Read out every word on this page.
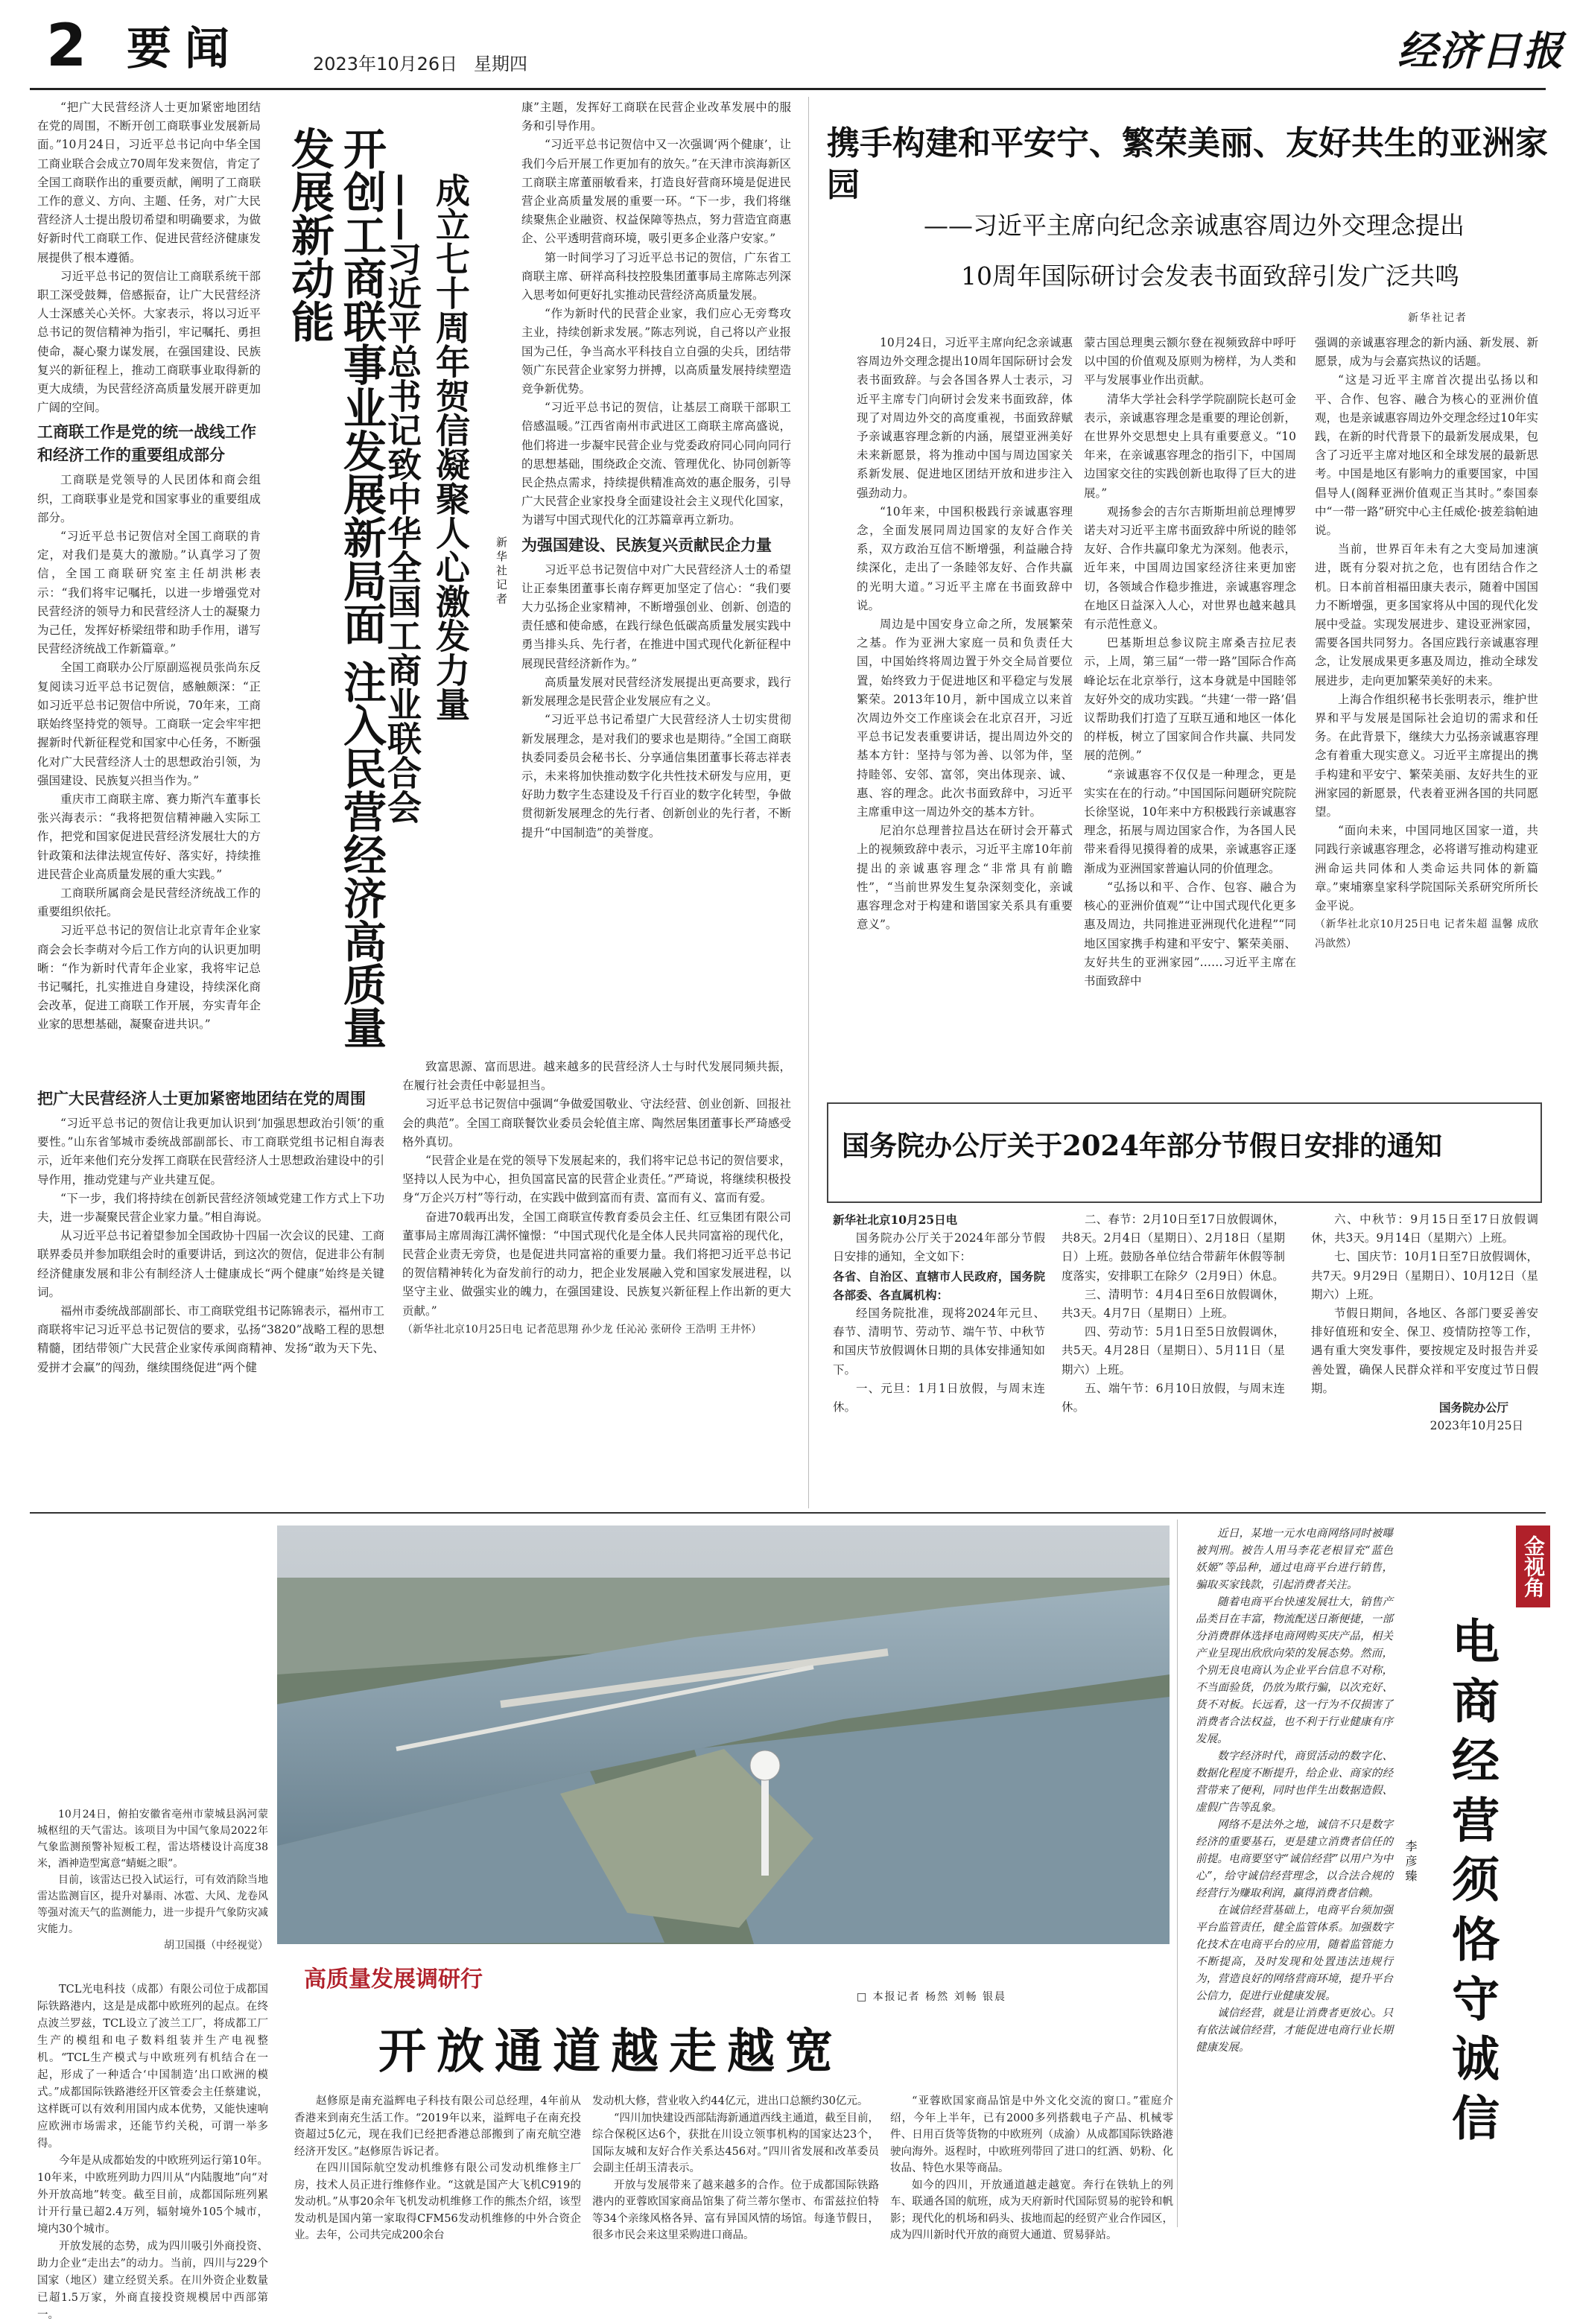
2 要闻	2023年10月26日 星期四	经济日报

“把广大民营经济人士更加紧密地团结在党的周围，不断开创工商联事业发展新局面。”10月24日，习近平总书记向中华全国工商业联合会成立70周年发来贺信，肯定了全国工商联作出的重要贡献，阐明了工商联工作的意义、方向、主题、任务，对广大民营经济人士提出殷切希望和明确要求，为做好新时代工商联工作、促进民营经济健康发展提供了根本遵循。

习近平总书记的贺信让工商联系统干部职工深受鼓舞，倍感振奋，让广大民营经济人士深感关心关怀。大家表示，将以习近平总书记的贺信精神为指引，牢记嘱托、勇担使命，凝心聚力谋发展，在强国建设、民族复兴的新征程上，推动工商联事业取得新的更大成绩，为民营经济高质量发展开辟更加广阔的空间。

工商联工作是党的统一战线工作和经济工作的重要组成部分

工商联是党领导的人民团体和商会组织，工商联事业是党和国家事业的重要组成部分。

“习近平总书记贺信对全国工商联的肯定，对我们是莫大的激励。”认真学习了贺信，全国工商联研究室主任胡洪彬表示：“我们将牢记嘱托，以进一步增强党对民营经济的领导力和民营经济人士的凝聚力为己任，发挥好桥梁纽带和助手作用，谱写民营经济统战工作新篇章。”

全国工商联办公厅原副巡视员张尚东反复阅读习近平总书记贺信，感触颇深：“正如习近平总书记贺信中所说，70年来，工商联始终坚持党的领导。工商联一定会牢牢把握新时代新征程党和国家中心任务，不断强化对广大民营经济人士的思想政治引领，为强国建设、民族复兴担当作为。”

重庆市工商联主席、赛力斯汽车董事长张兴海表示：“我将把贺信精神融入实际工作，把党和国家促进民营经济发展壮大的方针政策和法律法规宣传好、落实好，持续推进民营企业高质量发展的重大实践。”

工商联所属商会是民营经济统战工作的重要组织依托。

习近平总书记的贺信让北京青年企业家商会会长李萌对今后工作方向的认识更加明晰：“作为新时代青年企业家，我将牢记总书记嘱托，扎实推进自身建设，持续深化商会改革，促进工商联工作开展，夯实青年企业家的思想基础，凝聚奋进共识。”	开创工商联事业发展新局面 注入民营经济高质量发展新动能	成立七十周年贺信凝聚人心激发力量
——习近平总书记致中华全国工商业联合会	新华社记者

把广大民营经济人士更加紧密地团结在党的周围

“习近平总书记的贺信让我更加认识到‘加强思想政治引领’的重要性。”山东省邹城市委统战部副部长、市工商联党组书记相自海表示，近年来他们充分发挥工商联在民营经济人士思想政治建设中的引导作用，推动党建与产业共建互促。

“下一步，我们将持续在创新民营经济领域党建工作方式上下功夫，进一步凝聚民营企业家力量。”相自海说。

从习近平总书记着望参加全国政协十四届一次会议的民建、工商联界委员并参加联组会时的重要讲话，到这次的贺信，促进非公有制经济健康发展和非公有制经济人士健康成长“两个健康”始终是关键词。

福州市委统战部副部长、市工商联党组书记陈锦表示，福州市工商联将牢记习近平总书记贺信的要求，弘扬“3820”战略工程的思想精髓，团结带领广大民营企业家传承闽商精神、发扬“敢为天下先、爱拼才会赢”的闯劲，继续围绕促进“两个健

康”主题，发挥好工商联在民营企业改革发展中的服务和引导作用。

“习近平总书记贺信中又一次强调‘两个健康’，让我们今后开展工作更加有的放矢。”在天津市滨海新区工商联主席董丽敏看来，打造良好营商环境是促进民营企业高质量发展的重要一环。“下一步，我们将继续聚焦企业融资、权益保障等热点，努力营造宜商惠企、公平透明营商环境，吸引更多企业落户安家。”

第一时间学习了习近平总书记的贺信，广东省工商联主席、研祥高科技控股集团董事局主席陈志列深入思考如何更好扎实推动民营经济高质量发展。

“作为新时代的民营企业家，我们应心无旁骛攻主业，持续创新求发展。”陈志列说，自己将以产业报国为己任，争当高水平科技自立自强的尖兵，团结带领广东民营企业家努力拼搏，以高质量发展持续塑造竞争新优势。

“习近平总书记的贺信，让基层工商联干部职工倍感温暖。”江西省南州市武进区工商联主席高盛说，他们将进一步凝牢民营企业与党委政府同心同向同行的思想基础，围绕政企交流、管理优化、协同创新等民企热点需求，持续提供精准高效的惠企服务，引导广大民营企业家投身全面建设社会主义现代化国家，为谱写中国式现代化的江苏篇章再立新功。

为强国建设、民族复兴贡献民企力量

习近平总书记贺信中对广大民营经济人士的希望让正泰集团董事长南存辉更加坚定了信心：“我们要大力弘扬企业家精神，不断增强创业、创新、创造的责任感和使命感，在践行绿色低碳高质量发展实践中勇当排头兵、先行者，在推进中国式现代化新征程中展现民营经济新作为。”

高质量发展对民营经济发展提出更高要求，践行新发展理念是民营企业发展应有之义。

“习近平总书记希望广大民营经济人士切实贯彻新发展理念，是对我们的要求也是期待。”全国工商联执委同委员会秘书长、分享通信集团董事长蒋志祥表示，未来将加快推动数字化共性技术研发与应用，更好助力数字生态建设及千行百业的数字化转型，争做贯彻新发展理念的先行者、创新创业的先行者，不断提升“中国制造”的美誉度。

致富思源、富而思进。越来越多的民营经济人士与时代发展同频共振，在履行社会责任中彰显担当。

习近平总书记贺信中强调“争做爱国敬业、守法经营、创业创新、回报社会的典范”。全国工商联餐饮业委员会轮值主席、陶然居集团董事长严琦感受格外真切。

“民营企业是在党的领导下发展起来的，我们将牢记总书记的贺信要求，坚持以人民为中心，担负国富民富的民营企业责任。”严琦说，将继续积极投身“万企兴万村”等行动，在实践中做到富而有责、富而有义、富而有爱。

奋进70载再出发，全国工商联宣传教育委员会主任、红豆集团有限公司董事局主席周海江满怀憧憬：“中国式现代化是全体人民共同富裕的现代化，民营企业责无旁贷，也是促进共同富裕的重要力量。我们将把习近平总书记的贺信精神转化为奋发前行的动力，把企业发展融入党和国家发展进程，以坚守主业、做强实业的魄力，在强国建设、民族复兴新征程上作出新的更大贡献。”

（新华社北京10月25日电 记者范思翔 孙少龙 任沁沁 张研伶 王浩明 王井怀）

携手构建和平安宁、繁荣美丽、友好共生的亚洲家园
——习近平主席向纪念亲诚惠容周边外交理念提出
10周年国际研讨会发表书面致辞引发广泛共鸣
新华社记者

10月24日，习近平主席向纪念亲诚惠容周边外交理念提出10周年国际研讨会发表书面致辞。与会各国各界人士表示，习近平主席专门向研讨会发来书面致辞，体现了对周边外交的高度重视，书面致辞赋予亲诚惠容理念新的内涵，展望亚洲美好未来新愿景，将为推动中国与周边国家关系新发展、促进地区团结开放和进步注入强劲动力。

“10年来，中国积极践行亲诚惠容理念，全面发展同周边国家的友好合作关系，双方政治互信不断增强，利益融合持续深化，走出了一条睦邻友好、合作共赢的光明大道。”习近平主席在书面致辞中说。

周边是中国安身立命之所，发展繁荣之基。作为亚洲大家庭一员和负责任大国，中国始终将周边置于外交全局首要位置，始终致力于促进地区和平稳定与发展繁荣。2013年10月，新中国成立以来首次周边外交工作座谈会在北京召开，习近平总书记发表重要讲话，提出周边外交的基本方针：坚持与邻为善、以邻为伴，坚持睦邻、安邻、富邻，突出体现亲、诚、惠、容的理念。此次书面致辞中，习近平主席重申这一周边外交的基本方针。

尼泊尔总理普拉昌达在研讨会开幕式上的视频致辞中表示，习近平主席10年前提出的亲诚惠容理念“非常具有前瞻性”，“当前世界发生复杂深刻变化，亲诚惠容理念对于构建和谐国家关系具有重要意义”。

蒙古国总理奥云额尔登在视频致辞中呼吁以中国的价值观及原则为榜样，为人类和平与发展事业作出贡献。

清华大学社会科学学院副院长赵可金表示，亲诚惠容理念是重要的理论创新，在世界外交思想史上具有重要意义。“10年来，在亲诚惠容理念的指引下，中国周边国家交往的实践创新也取得了巨大的进展。”

观扬参会的吉尔吉斯斯坦前总理博罗诺夫对习近平主席书面致辞中所说的睦邻友好、合作共赢印象尤为深刻。他表示，近年来，中国周边国家经济往来更加密切，各领域合作稳步推进，亲诚惠容理念在地区日益深入人心，对世界也越来越具有示范性意义。

巴基斯坦总参议院主席桑吉拉尼表示，上周，第三届“一带一路”国际合作高峰论坛在北京举行，这本身就是中国睦邻友好外交的成功实践。“共建‘一带一路’倡议帮助我们打造了互联互通和地区一体化的样板，树立了国家间合作共赢、共同发展的范例。”

“亲诚惠容不仅仅是一种理念，更是实实在在的行动。”中国国际问题研究院院长徐坚说，10年来中方积极践行亲诚惠容理念，拓展与周边国家合作，为各国人民带来看得见摸得着的成果，亲诚惠容正逐渐成为亚洲国家普遍认同的价值理念。

“弘扬以和平、合作、包容、融合为核心的亚洲价值观”“让中国式现代化更多惠及周边，共同推进亚洲现代化进程”“同地区国家携手构建和平安宁、繁荣美丽、友好共生的亚洲家园”……习近平主席在书面致辞中

强调的亲诚惠容理念的新内涵、新发展、新愿景，成为与会嘉宾热议的话题。

“这是习近平主席首次提出弘扬以和平、合作、包容、融合为核心的亚洲价值观，也是亲诚惠容周边外交理念经过10年实践，在新的时代背景下的最新发展成果，包含了习近平主席对地区和全球发展的最新思考。中国是地区有影响力的重要国家，中国倡导人(阁释亚洲价值观正当其时。”泰国泰中“一带一路”研究中心主任威伦·披差翁帕迪说。

当前，世界百年未有之大变局加速演进，既有分裂对抗之危，也有团结合作之机。日本前首相福田康夫表示，随着中国国力不断增强，更多国家将从中国的现代化发展中受益。实现发展进步、建设亚洲家园，需要各国共同努力。各国应践行亲诚惠容理念，让发展成果更多惠及周边，推动全球发展进步，走向更加繁荣美好的未来。

上海合作组织秘书长张明表示，维护世界和平与发展是国际社会迫切的需求和任务。在此背景下，继续大力弘扬亲诚惠容理念有着重大现实意义。习近平主席提出的携手构建和平安宁、繁荣美丽、友好共生的亚洲家园的新愿景，代表着亚洲各国的共同愿望。

“面向未来，中国同地区国家一道，共同践行亲诚惠容理念，必将谱写推动构建亚洲命运共同体和人类命运共同体的新篇章。”柬埔寨皇家科学院国际关系研究所所长金平说。

（新华社北京10月25日电 记者朱超 温馨 成欣 冯歆然）

国务院办公厅关于2024年部分节假日安排的通知

新华社北京10月25日电

国务院办公厅关于2024年部分节假日安排的通知，全文如下：

各省、自治区、直辖市人民政府，国务院各部委、各直属机构：

经国务院批准，现将2024年元旦、春节、清明节、劳动节、端午节、中秋节和国庆节放假调休日期的具体安排通知如下。

一、元旦：1月1日放假，与周末连休。

二、春节：2月10日至17日放假调休，共8天。2月4日（星期日）、2月18日（星期日）上班。鼓励各单位结合带薪年休假等制度落实，安排职工在除夕（2月9日）休息。

三、清明节：4月4日至6日放假调休，共3天。4月7日（星期日）上班。

四、劳动节：5月1日至5日放假调休，共5天。4月28日（星期日）、5月11日（星期六）上班。

五、端午节：6月10日放假，与周末连休。

六、中秋节：9月15日至17日放假调休，共3天。9月14日（星期六）上班。

七、国庆节：10月1日至7日放假调休，共7天。9月29日（星期日）、10月12日（星期六）上班。

节假日期间，各地区、各部门要妥善安排好值班和安全、保卫、疫情防控等工作，遇有重大突发事件，要按规定及时报告并妥善处置，确保人民群众祥和平安度过节日假期。

国务院办公厅

2023年10月25日

10月24日，俯拍安徽省亳州市蒙城县涡河蒙城枢纽的天气雷达。该项目为中国气象局2022年气象监测预警补短板工程，雷达塔楼设计高度38米，酒神造型寓意“蜻蜓之眼”。

目前，该雷达已投入试运行，可有效消除当地雷达监测盲区，提升对暴雨、冰雹、大风、龙卷风等强对流天气的监测能力，进一步提升气象防灾减灾能力。

胡卫国摄（中经视觉）

TCL光电科技（成都）有限公司位于成都国际铁路港内，这是是成都中欧班列的起点。在终点波兰罗兹，TCL设立了波兰工厂，将成都工厂生产的模组和电子数料组装并生产电视整机。“TCL生产模式与中欧班列有机结合在一起，形成了一种适合‘中国制造’出口欧洲的模式。”成都国际铁路港经开区管委会主任蔡建说，这样既可以有效利用国内成本优势，又能快速响应欧洲市场需求，还能节约关税，可谓一举多得。

今年是从成都始发的中欧班列运行第10年。10年来，中欧班列助力四川从“内陆腹地”向“对外开放高地”转变。截至目前，成都国际班列累计开行量已超2.4万列，辐射境外105个城市，境内30个城市。

开放发展的态势，成为四川吸引外商投资、助力企业“走出去”的动力。当前，四川与229个国家（地区）建立经贸关系。在川外资企业数量已超1.5万家，外商直接投资规模居中西部第一。

高质量发展调研行
□ 本报记者 杨然 刘畅 银晨
开放通道越走越宽

赵修原是南充溢辉电子科技有限公司总经理，4年前从香港来到南充生活工作。“2019年以来，溢辉电子在南充投资超过5亿元，现在我们已经把香港总部搬到了南充航空港经济开发区。”赵修原告诉记者。

在四川国际航空发动机维修有限公司发动机维修主厂房，技术人员正进行维修作业。“这就是国产大飞机C919的发动机。”从事20余年飞机发动机维修工作的熊杰介绍，该型发动机是国内第一家取得CFM56发动机维修的中外合资企业。去年，公司共完成200余台

发动机大修，营业收入约44亿元，进出口总额约30亿元。

“四川加快建设西部陆海新通道西线主通道，截至目前，综合保税区达6个，获批在川设立领事机构的国家达23个，国际友城和友好合作关系达456对。”四川省发展和改革委员会副主任胡玉清表示。

开放与发展带来了越来越多的合作。位于成都国际铁路港内的亚蓉欧国家商品馆集了荷兰蒂尔堡市、布雷兹拉伯特等34个亲缘风格各异、富有异国风情的场馆。每逢节假日，很多市民会来这里采购进口商品。

“亚蓉欧国家商品馆是中外文化交流的窗口。”霍庭介绍，今年上半年，已有2000多列搭载电子产品、机械零件、日用百货等货物的中欧班列（成渝）从成都国际铁路港驶向海外。返程时，中欧班列带回了进口的红酒、奶粉、化妆品、特色水果等商品。

如今的四川，开放通道越走越宽。奔行在铁轨上的列车、联通各国的航班，成为天府新时代国际贸易的驼铃和帆影；现代化的机场和码头、拔地而起的经贸产业合作园区，成为四川新时代开放的商贸大通道、贸易驿站。

金视角
电商经营须恪守诚信
李彦臻

近日，某地一元水电商网络同时被曝被判刑。被告人用马李花老根冒充“蓝色妖姬”等品种，通过电商平台进行销售，骗取买家钱款，引起消费者关注。

随着电商平台快速发展壮大，销售产品类目在丰富，物流配送日渐便捷，一部分消费群体选择电商网购买庆产品，相关产业呈现出欣欣向荣的发展态势。然而，个别无良电商认为企业平台信息不对称，不当面验货，仍放为欺行骗，以次充好、货不对板。长远看，这一行为不仅损害了消费者合法权益，也不利于行业健康有序发展。

数字经济时代，商贸活动的数字化、数据化程度不断提升，给企业、商家的经营带来了便利，同时也伴生出数据造假、虚假广告等乱象。

网络不是法外之地，诚信不只是数字经济的重要基石，更是建立消费者信任的前提。电商要坚守“诚信经营”以用户为中心”，给守诚信经营理念，以合法合规的经营行为赚取利润，赢得消费者信赖。

在诚信经营基础上，电商平台须加强平台监管责任，健全监管体系。加强数字化技术在电商平台的应用，随着监管能力不断提高，及时发现和处置违法违规行为，营造良好的网络营商环境，提升平台公信力，促进行业健康发展。

诚信经营，就是让消费者更放心。只有依法诚信经营，才能促进电商行业长期健康发展。
